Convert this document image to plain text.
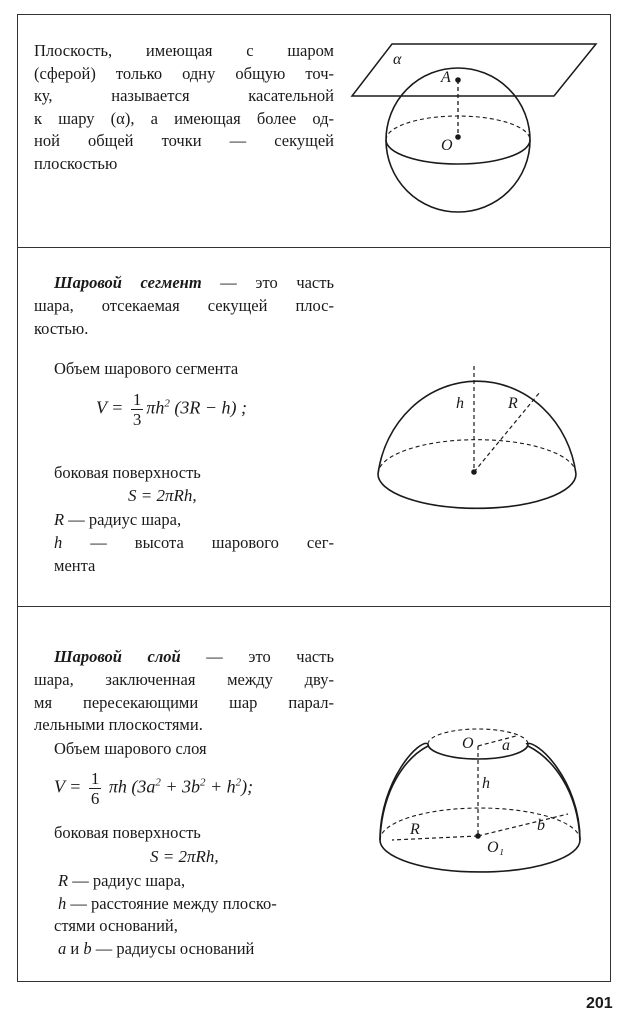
Плоскость, имеющая с шаром
(сферой) только одну общую точ-
ку, называется касательной
к шару (α), а имеющая более од-
ной общей точки — секущей
плоскостью
α
A
O
Шаровой сегмент — это часть
шара, отсекаемая секущей плос-
костью.
Объем шарового сегмента
$V = \frac{1}{3} \pi h^2$ (3R − h) ;
боковая поверхность
S = 2πRh,
R — радиус шара,
h — высота шарового сег-
мента
h	R
Шаровой слой — это часть
шара, заключенная между дву-
мя пересекающими шар парал-
лельными плоскостями.
Объем шарового слоя
$V = \frac{1}{6}$ πh $(3a^2 + 3b^2 + h^2)$;
боковая поверхность
S = 2πRh,
R — радиус шара,
h — расстояние между плоско-
стями оснований,
a и b — радиусы оснований
O a
h
R	b
O₁
201
